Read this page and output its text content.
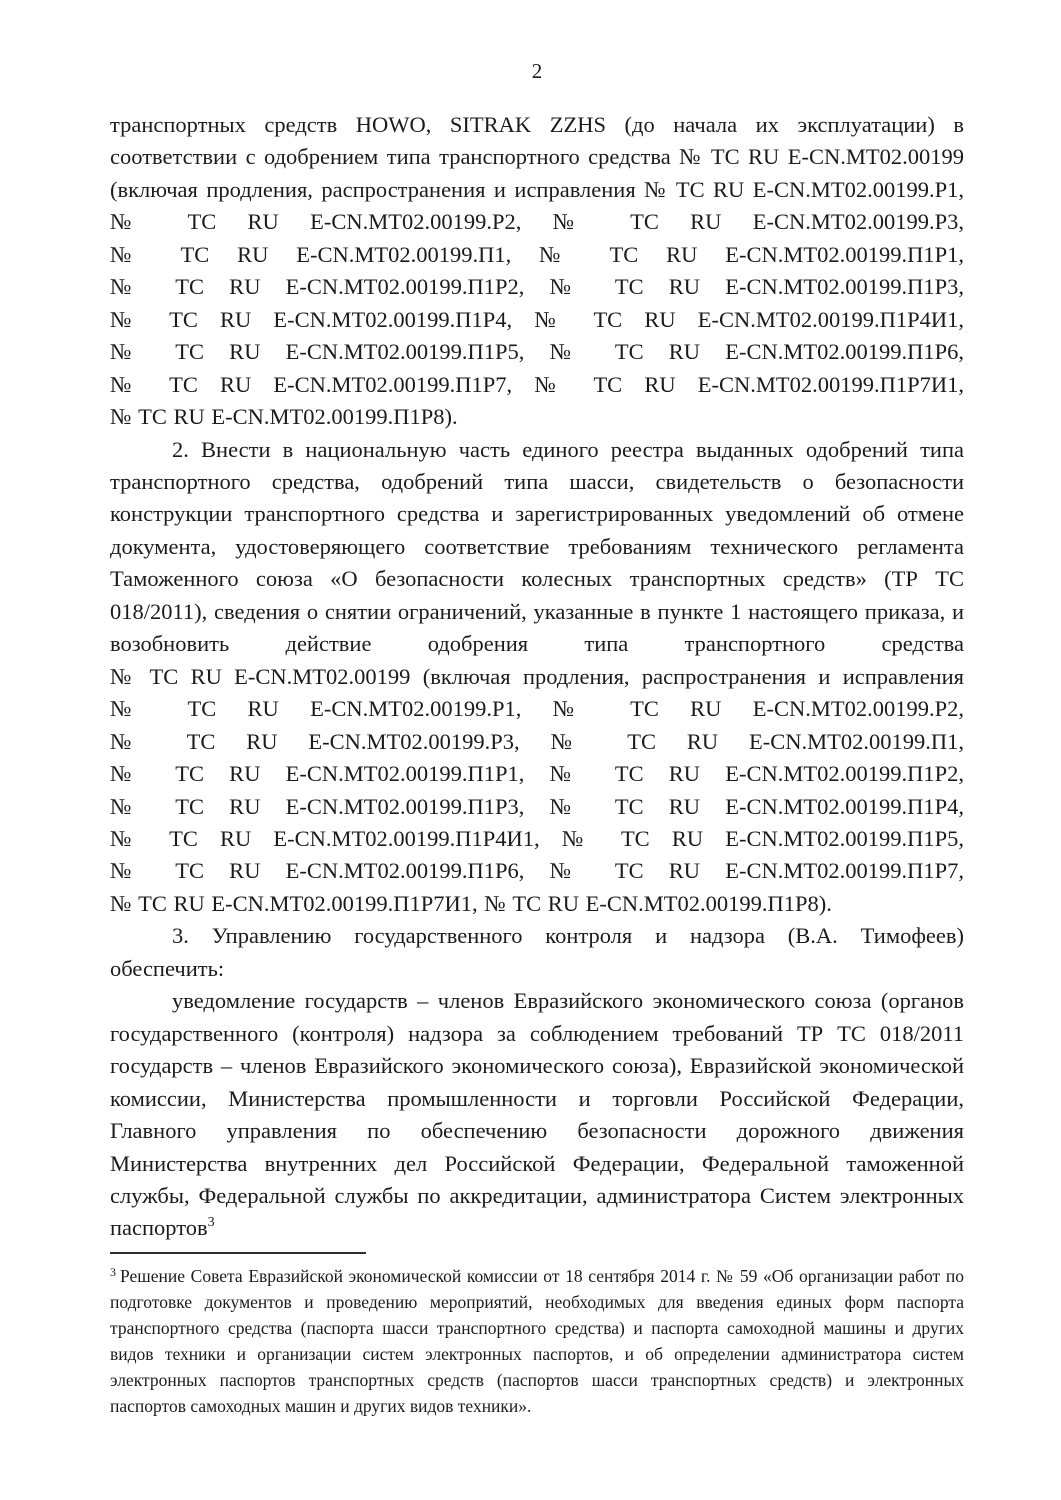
2

транспортных средств HOWO, SITRAK ZZHS (до начала их эксплуатации) в соответствии с одобрением типа транспортного средства № ТС RU Е‑CN.МТ02.00199 (включая продления, распространения и исправления № ТС RU Е‑CN.МТ02.00199.Р1, № ТС RU Е‑CN.МТ02.00199.Р2, № ТС RU Е‑CN.МТ02.00199.Р3, № ТС RU Е‑CN.МТ02.00199.П1, № ТС RU Е‑CN.МТ02.00199.П1Р1, № ТС RU Е‑CN.МТ02.00199.П1Р2, № ТС RU Е‑CN.МТ02.00199.П1Р3, № ТС RU Е‑CN.МТ02.00199.П1Р4, № ТС RU Е‑CN.МТ02.00199.П1Р4И1, № ТС RU Е‑CN.МТ02.00199.П1Р5, № ТС RU Е‑CN.МТ02.00199.П1Р6, № ТС RU Е‑CN.МТ02.00199.П1Р7, № ТС RU Е‑CN.МТ02.00199.П1Р7И1, № ТС RU Е‑CN.МТ02.00199.П1Р8).

2. Внести в национальную часть единого реестра выданных одобрений типа транспортного средства, одобрений типа шасси, свидетельств о безопасности конструкции транспортного средства и зарегистрированных уведомлений об отмене документа, удостоверяющего соответствие требованиям технического регламента Таможенного союза «О безопасности колесных транспортных средств» (ТР ТС 018/2011), сведения о снятии ограничений, указанные в пункте 1 настоящего приказа, и возобновить действие одобрения типа транспортного средства № ТС RU Е‑CN.МТ02.00199 (включая продления, распространения и исправления № ТС RU Е‑CN.МТ02.00199.Р1, № ТС RU Е‑CN.МТ02.00199.Р2, № ТС RU Е‑CN.МТ02.00199.Р3, № ТС RU Е‑CN.МТ02.00199.П1, № ТС RU Е‑CN.МТ02.00199.П1Р1, № ТС RU Е‑CN.МТ02.00199.П1Р2, № ТС RU Е‑CN.МТ02.00199.П1Р3, № ТС RU Е‑CN.МТ02.00199.П1Р4, № ТС RU Е‑CN.МТ02.00199.П1Р4И1, № ТС RU Е‑CN.МТ02.00199.П1Р5, № ТС RU Е‑CN.МТ02.00199.П1Р6, № ТС RU Е‑CN.МТ02.00199.П1Р7, № ТС RU Е‑CN.МТ02.00199.П1Р7И1, № ТС RU Е‑CN.МТ02.00199.П1Р8).

3. Управлению государственного контроля и надзора (В.А. Тимофеев) обеспечить:

уведомление государств – членов Евразийского экономического союза (органов государственного (контроля) надзора за соблюдением требований ТР ТС 018/2011 государств – членов Евразийского экономического союза), Евразийской экономической комиссии, Министерства промышленности и торговли Российской Федерации, Главного управления по обеспечению безопасности дорожного движения Министерства внутренних дел Российской Федерации, Федеральной таможенной службы, Федеральной службы по аккредитации, администратора Систем электронных паспортов$^3$

$^3$ Решение Совета Евразийской экономической комиссии от 18 сентября 2014 г. № 59 «Об организации работ по подготовке документов и проведению мероприятий, необходимых для введения единых форм паспорта транспортного средства (паспорта шасси транспортного средства) и паспорта самоходной машины и других видов техники и организации систем электронных паспортов, и об определении администратора систем электронных паспортов транспортных средств (паспортов шасси транспортных средств) и электронных паспортов самоходных машин и других видов техники».
